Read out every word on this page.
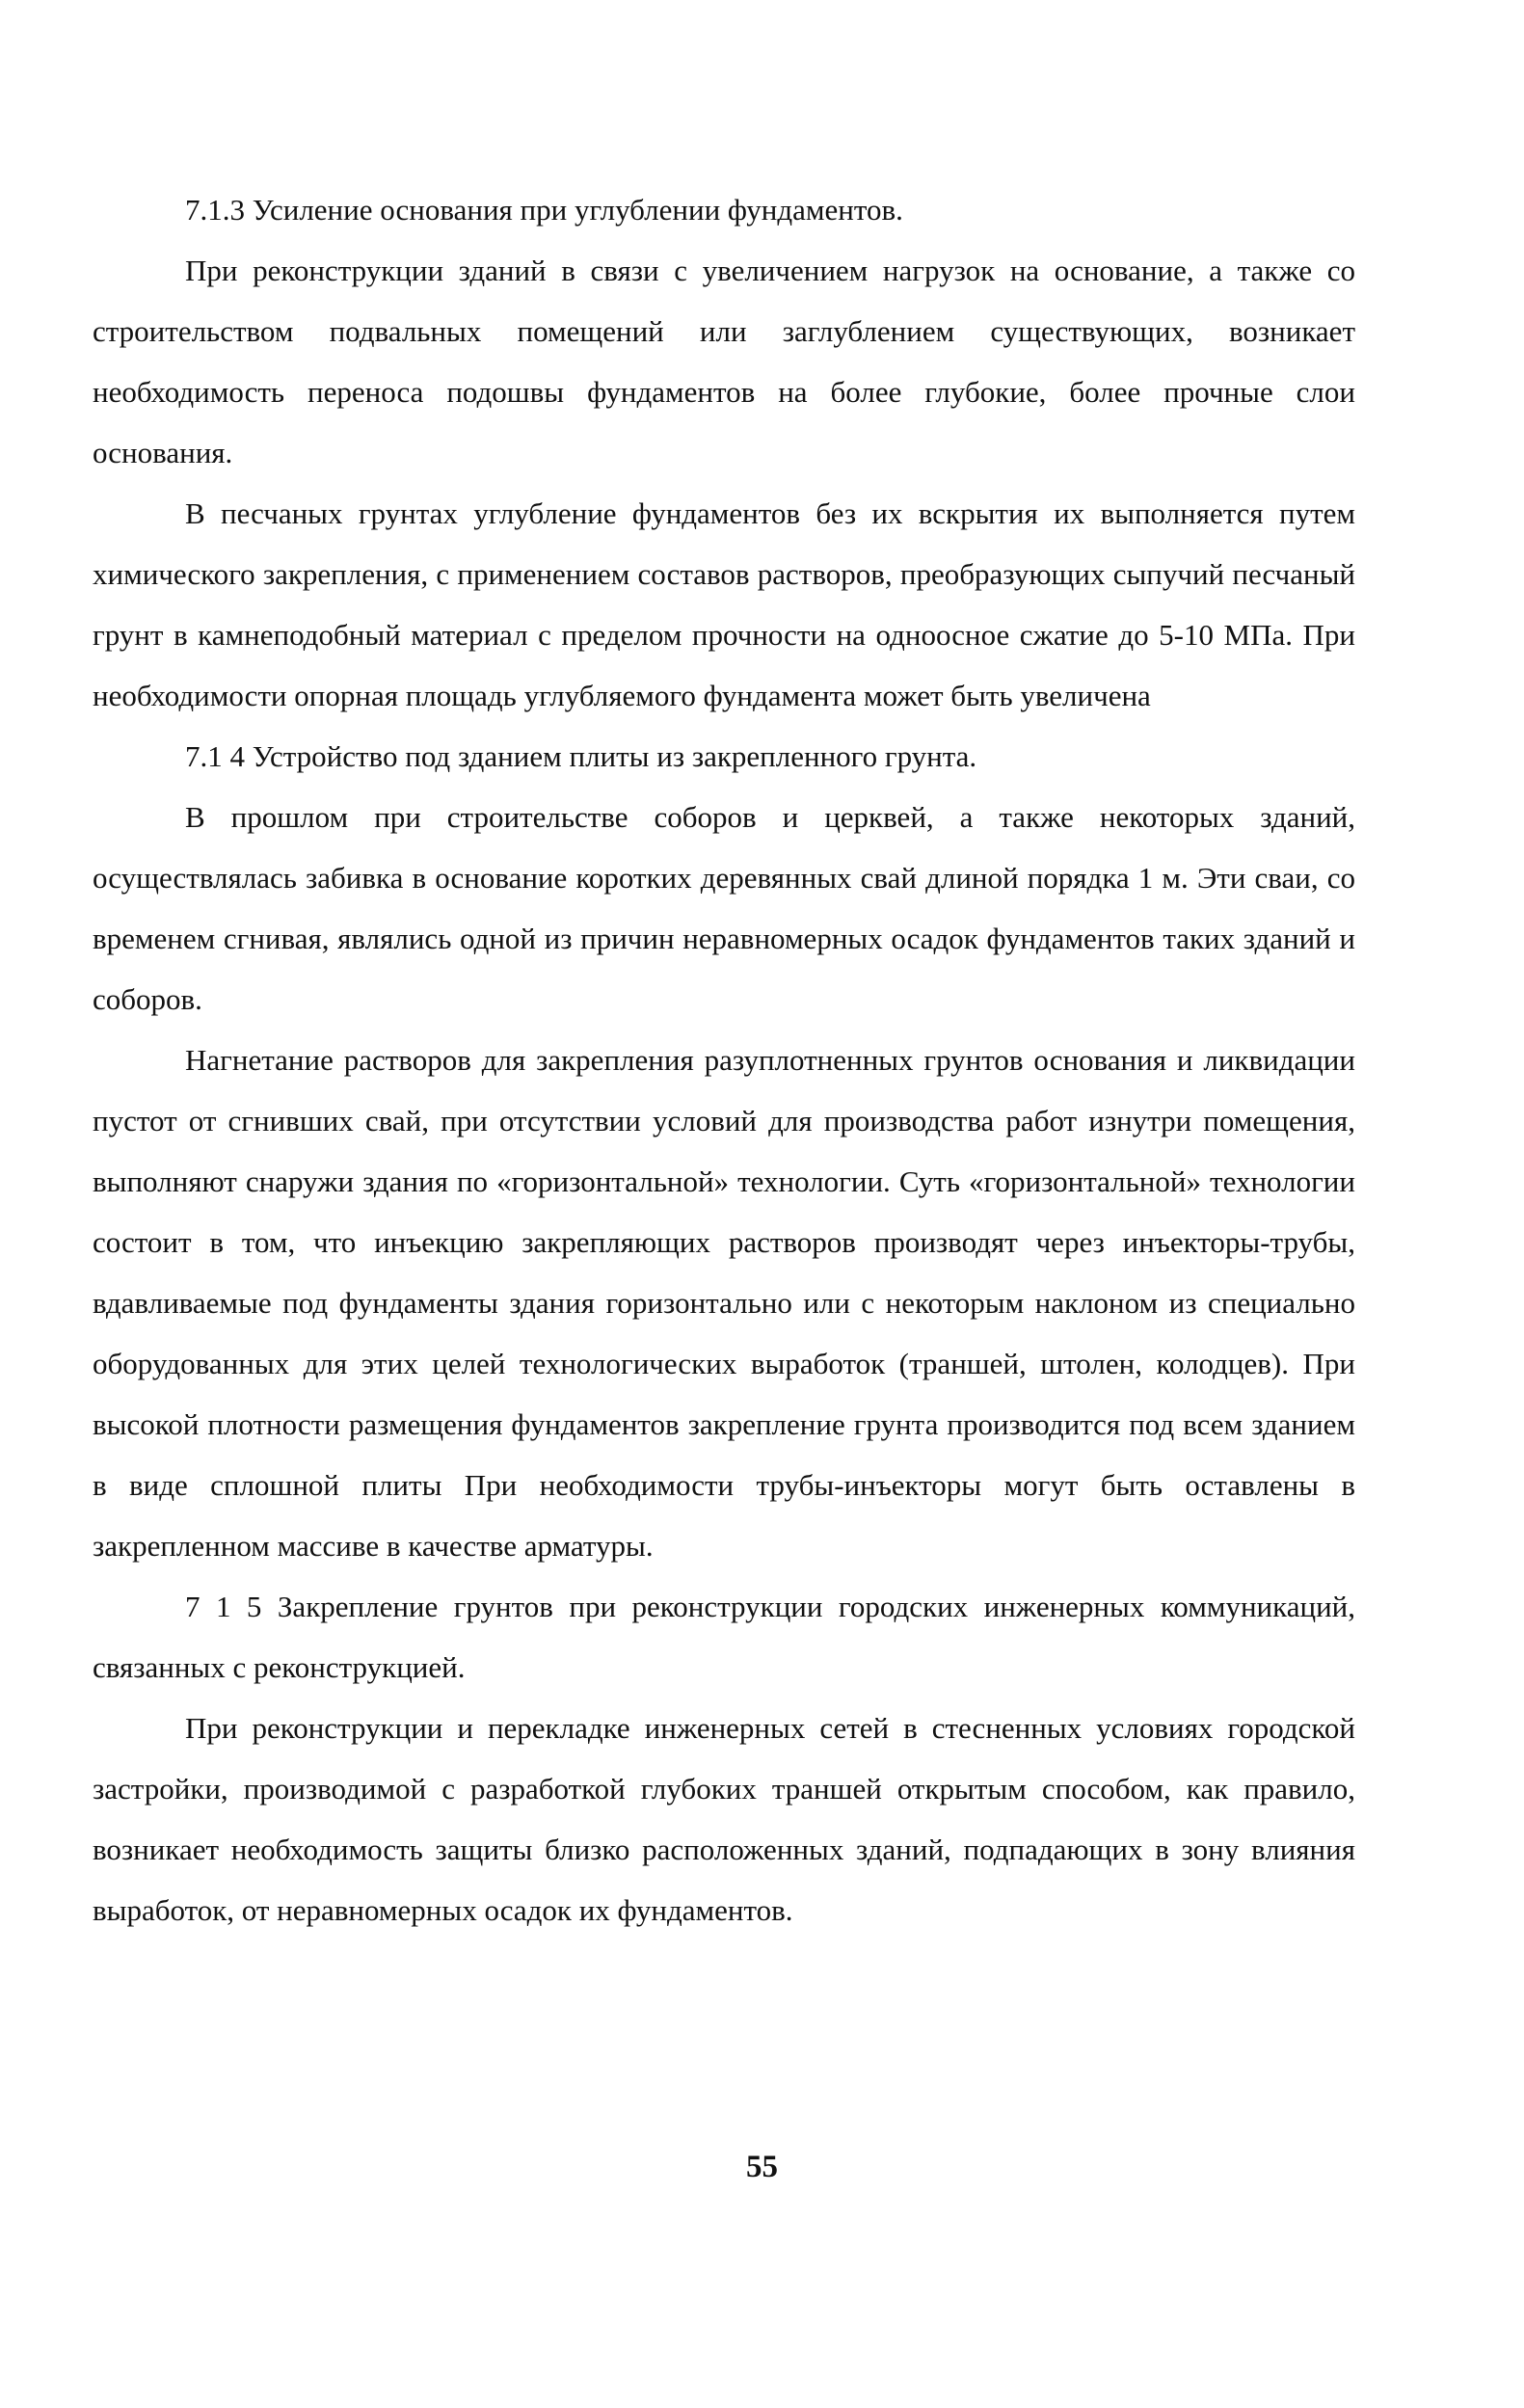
7.1.3 Усиление основания при углублении фундаментов.

При реконструкции зданий в связи с увеличением нагрузок на основание, а также со строительством подвальных помещений или заглублением существующих, возникает необходимость переноса подошвы фундаментов на более глубокие, более прочные слои основания.

В песчаных грунтах углубление фундаментов без их вскрытия их выполняется путем химического закрепления, с применением составов растворов, преобразующих сыпучий песчаный грунт в камнеподобный материал с пределом прочности на одноосное сжатие до 5-10 МПа. При необходимости опорная площадь углубляемого фундамента может быть увеличена

7.1 4 Устройство под зданием плиты из закрепленного грунта.

В прошлом при строительстве соборов и церквей, а также некоторых зданий, осуществлялась забивка в основание коротких деревянных свай длиной порядка 1 м. Эти сваи, со временем сгнивая, являлись одной из причин неравномерных осадок фундаментов таких зданий и соборов.

Нагнетание растворов для закрепления разуплотненных грунтов основания и ликвидации пустот от сгнивших свай, при отсутствии условий для производства работ изнутри помещения, выполняют снаружи здания по «горизонтальной» технологии. Суть «горизонтальной» технологии состоит в том, что инъекцию закрепляющих растворов производят через инъекторы-трубы, вдавливаемые под фундаменты здания горизонтально или с некоторым наклоном из специально оборудованных для этих целей технологических выработок (траншей, штолен, колодцев). При высокой плотности размещения фундаментов закрепление грунта производится под всем зданием в виде сплошной плиты При необходимости трубы-инъекторы могут быть оставлены в закрепленном массиве в качестве арматуры.

7 1 5 Закрепление грунтов при реконструкции городских инженерных коммуникаций, связанных с реконструкцией.

При реконструкции и перекладке инженерных сетей в стесненных условиях городской застройки, производимой с разработкой глубоких траншей открытым способом, как правило, возникает необходимость защиты близко расположенных зданий, подпадающих в зону влияния выработок, от неравномерных осадок их фундаментов.

55
